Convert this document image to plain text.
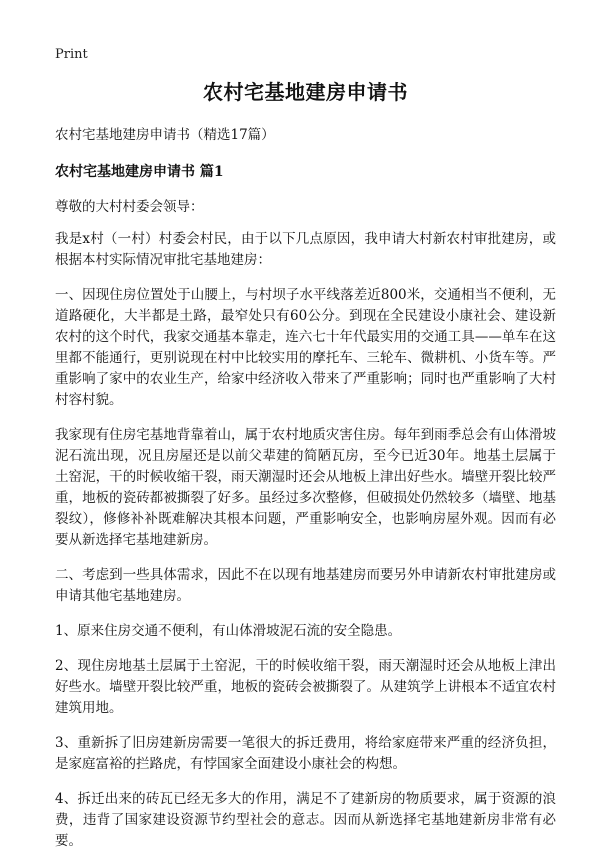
Print
农村宅基地建房申请书

农村宅基地建房申请书（精选17篇）

农村宅基地建房申请书 篇1

尊敬的大村村委会领导：

我是x村（一村）村委会村民，由于以下几点原因，我申请大村新农村审批建房，或根据本村实际情况审批宅基地建房：

一、因现住房位置处于山腰上，与村坝子水平线落差近800米，交通相当不便利，无道路硬化，大半都是土路，最窄处只有60公分。到现在全民建设小康社会、建设新农村的这个时代，我家交通基本靠走，连六七十年代最实用的交通工具——单车在这里都不能通行，更别说现在村中比较实用的摩托车、三轮车、微耕机、小货车等。严重影响了家中的农业生产，给家中经济收入带来了严重影响；同时也严重影响了大村村容村貌。

我家现有住房宅基地背靠着山，属于农村地质灾害住房。每年到雨季总会有山体滑坡泥石流出现，况且房屋还是以前父辈建的简陋瓦房，至今已近30年。地基土层属于土窑泥，干的时候收缩干裂，雨天潮湿时还会从地板上津出好些水。墙壁开裂比较严重，地板的瓷砖都被撕裂了好多。虽经过多次整修，但破损处仍然较多（墙壁、地基裂纹），修修补补既难解决其根本问题，严重影响安全，也影响房屋外观。因而有必要从新选择宅基地建新房。

二、考虑到一些具体需求，因此不在以现有地基建房而要另外申请新农村审批建房或申请其他宅基地建房。

1、原来住房交通不便利，有山体滑坡泥石流的安全隐患。

2、现住房地基土层属于土窑泥，干的时候收缩干裂，雨天潮湿时还会从地板上津出好些水。墙壁开裂比较严重，地板的瓷砖会被撕裂了。从建筑学上讲根本不适宜农村建筑用地。

3、重新拆了旧房建新房需要一笔很大的拆迁费用，将给家庭带来严重的经济负担，是家庭富裕的拦路虎，有悖国家全面建设小康社会的构想。

4、拆迁出来的砖瓦已经无多大的作用，满足不了建新房的物质要求，属于资源的浪费，违背了国家建设资源节约型社会的意志。因而从新选择宅基地建新房非常有必要。
